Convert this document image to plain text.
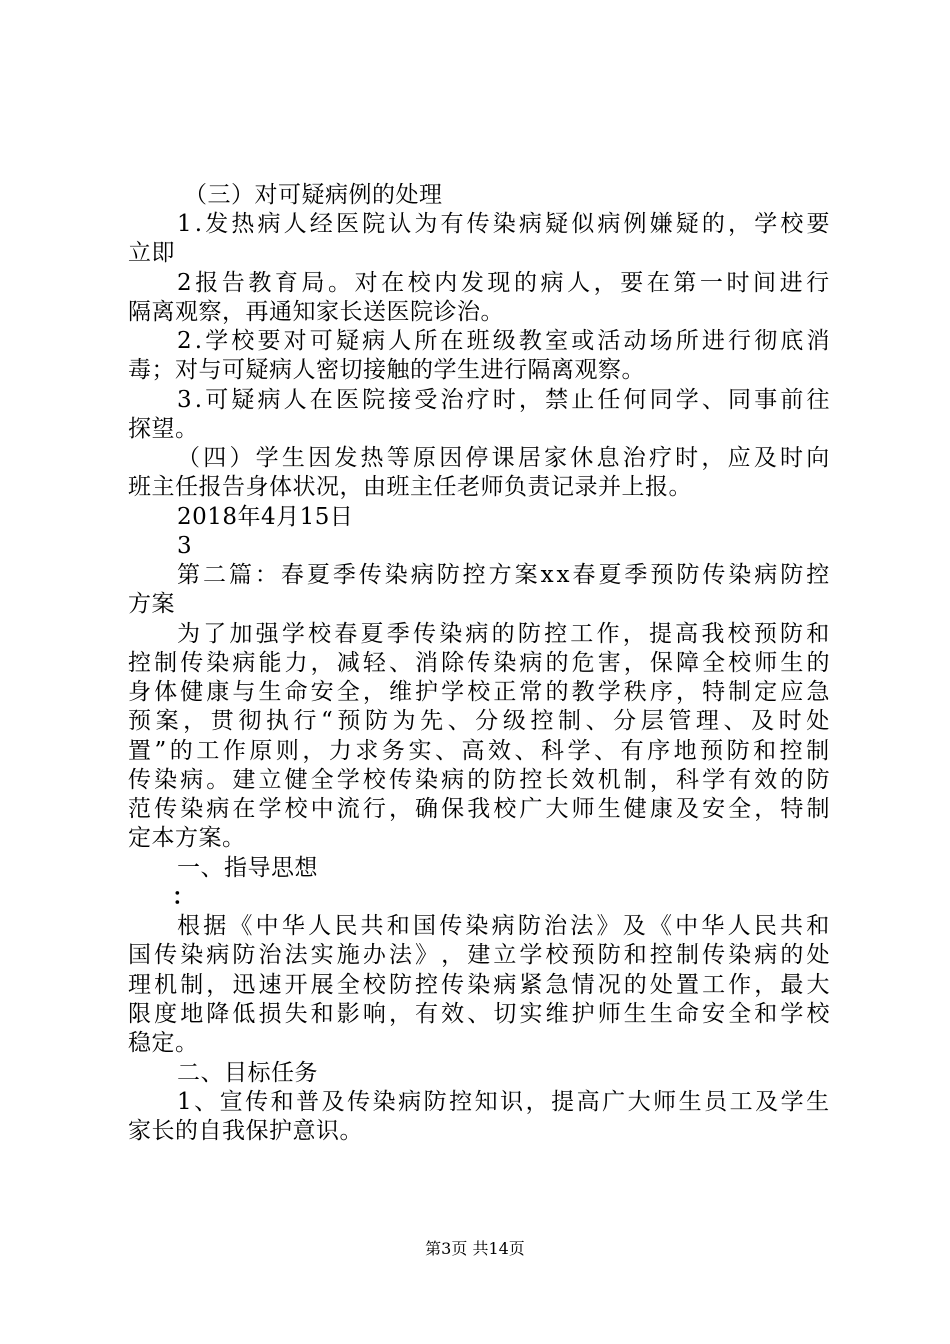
（三）对可疑病例的处理
1 . 发 热 病 人 经 医 院 认 为 有 传 染 病 疑 似 病 例 嫌 疑 的 ， 学 校 要
立即
2 报 告 教 育 局 。 对 在 校 内 发 现 的 病 人 ， 要 在 第 一 时 间 进 行
隔离观察，再通知家长送医院诊治。
2 . 学 校 要 对 可 疑 病 人 所 在 班 级 教 室 或 活 动 场 所 进 行 彻 底 消
毒；对与可疑病人密切接触的学生进行隔离观察。
3 . 可 疑 病 人 在 医 院 接 受 治 疗 时 ， 禁 止 任 何 同 学 、 同 事 前 往
探望。
（ 四 ） 学 生 因 发 热 等 原 因 停 课 居 家 休 息 治 疗 时 ， 应 及 时 向
班主任报告身体状况，由班主任老师负责记录并上报。
2018年4月15日
3
第 二 篇 ： 春 夏 季 传 染 病 防 控 方 案 x x 春 夏 季 预 防 传 染 病 防 控
方案
为 了 加 强 学 校 春 夏 季 传 染 病 的 防 控 工 作 ， 提 高 我 校 预 防 和
控 制 传 染 病 能 力 ， 减 轻 、 消 除 传 染 病 的 危 害 ， 保 障 全 校 师 生 的
身 体 健 康 与 生 命 安 全 ， 维 护 学 校 正 常 的 教 学 秩 序 ， 特 制 定 应 急
预 案 ， 贯 彻 执 行 “ 预 防 为 先 、 分 级 控 制 、 分 层 管 理 、 及 时 处
置 ” 的 工 作 原 则 ， 力 求 务 实 、 高 效 、 科 学 、 有 序 地 预 防 和 控 制
传 染 病 。 建 立 健 全 学 校 传 染 病 的 防 控 长 效 机 制 ， 科 学 有 效 的 防
范 传 染 病 在 学 校 中 流 行 ， 确 保 我 校 广 大 师 生 健 康 及 安 全 ， 特 制
定本方案。
一、指导思想
：
根 据 《 中 华 人 民 共 和 国 传 染 病 防 治 法 》 及 《 中 华 人 民 共 和
国 传 染 病 防 治 法 实 施 办 法 》 ， 建 立 学 校 预 防 和 控 制 传 染 病 的 处
理 机 制 ， 迅 速 开 展 全 校 防 控 传 染 病 紧 急 情 况 的 处 置 工 作 ， 最 大
限 度 地 降 低 损 失 和 影 响 ， 有 效 、 切 实 维 护 师 生 生 命 安 全 和 学 校
稳定。
二、目标任务
1 、 宣 传 和 普 及 传 染 病 防 控 知 识 ， 提 高 广 大 师 生 员 工 及 学 生
家长的自我保护意识。
第3页 共14页
